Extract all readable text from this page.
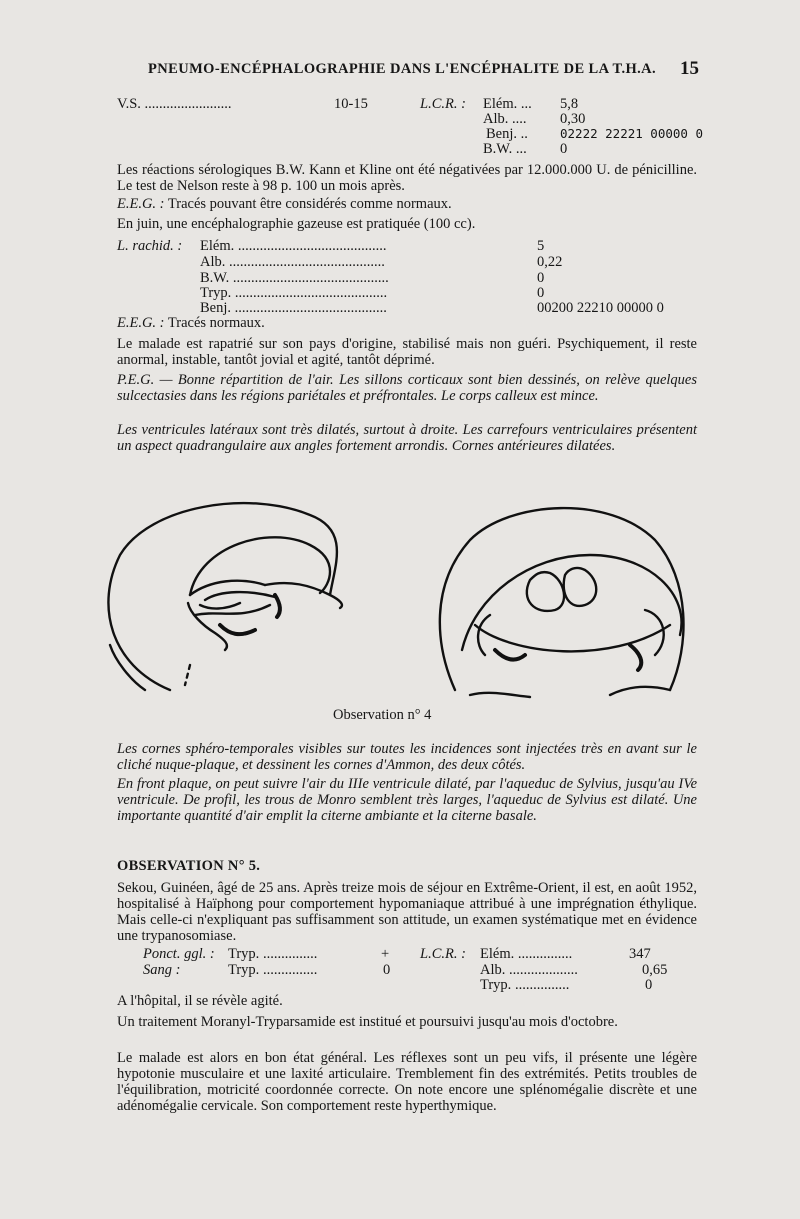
PNEUMO-ENCÉPHALOGRAPHIE DANS L'ENCÉPHALITE DE LA T.H.A.	15
V.S. ........................	10-15	L.C.R. : Elém. ... 5,8
Alb. .... 0,30
Benj. ..	02222 22221 00000 0
B.W. ... 0
Les réactions sérologiques B.W. Kann et Kline ont été négativées par 12.000.000 U. de pénicilline. Le test de Nelson reste à 98 p. 100 un mois après.
E.E.G. : Tracés pouvant être considérés comme normaux.
En juin, une encéphalographie gazeuse est pratiquée (100 cc).
L. rachid. : Elém. .........................................	5
Alb. ...........................................	0,22
B.W. ...........................................	0
Tryp. ..........................................	0
Benj. ..........................................	00200 22210 00000 0
E.E.G. : Tracés normaux.
Le malade est rapatrié sur son pays d'origine, stabilisé mais non guéri. Psychiquement, il reste anormal, instable, tantôt jovial et agité, tantôt déprimé.
P.E.G. — Bonne répartition de l'air. Les sillons corticaux sont bien dessinés, on relève quelques sulcectasies dans les régions pariétales et préfrontales. Le corps calleux est mince.
Les ventricules latéraux sont très dilatés, surtout à droite. Les carrefours ventriculaires présentent un aspect quadrangulaire aux angles fortement arrondis. Cornes antérieures dilatées.
Observation n° 4
Les cornes sphéro-temporales visibles sur toutes les incidences sont injectées très en avant sur le cliché nuque-plaque, et dessinent les cornes d'Ammon, des deux côtés.
En front plaque, on peut suivre l'air du IIIe ventricule dilaté, par l'aqueduc de Sylvius, jusqu'au IVe ventricule. De profil, les trous de Monro semblent très larges, l'aqueduc de Sylvius est dilaté. Une importante quantité d'air emplit la citerne ambiante et la citerne basale.
OBSERVATION N° 5.
Sekou, Guinéen, âgé de 25 ans. Après treize mois de séjour en Extrême-Orient, il est, en août 1952, hospitalisé à Haïphong pour comportement hypomaniaque attribué à une imprégnation éthylique. Mais celle-ci n'expliquant pas suffisamment son attitude, un examen systématique met en évidence une trypanosomiase.
Ponct. ggl. : Tryp. ...............	+ L.C.R. : Elém. ...............	347
Sang :	Tryp. ...............	0	Alb. ...................	0,65
Tryp. ...............	0
A l'hôpital, il se révèle agité.
Un traitement Moranyl-Tryparsamide est institué et poursuivi jusqu'au mois d'octobre.
Le malade est alors en bon état général. Les réflexes sont un peu vifs, il présente une légère hypotonie musculaire et une laxité articulaire. Tremblement fin des extrémités. Petits troubles de l'équilibration, motricité coordonnée correcte. On note encore une splénomégalie discrète et une adénomégalie cervicale. Son comportement reste hyperthymique.
